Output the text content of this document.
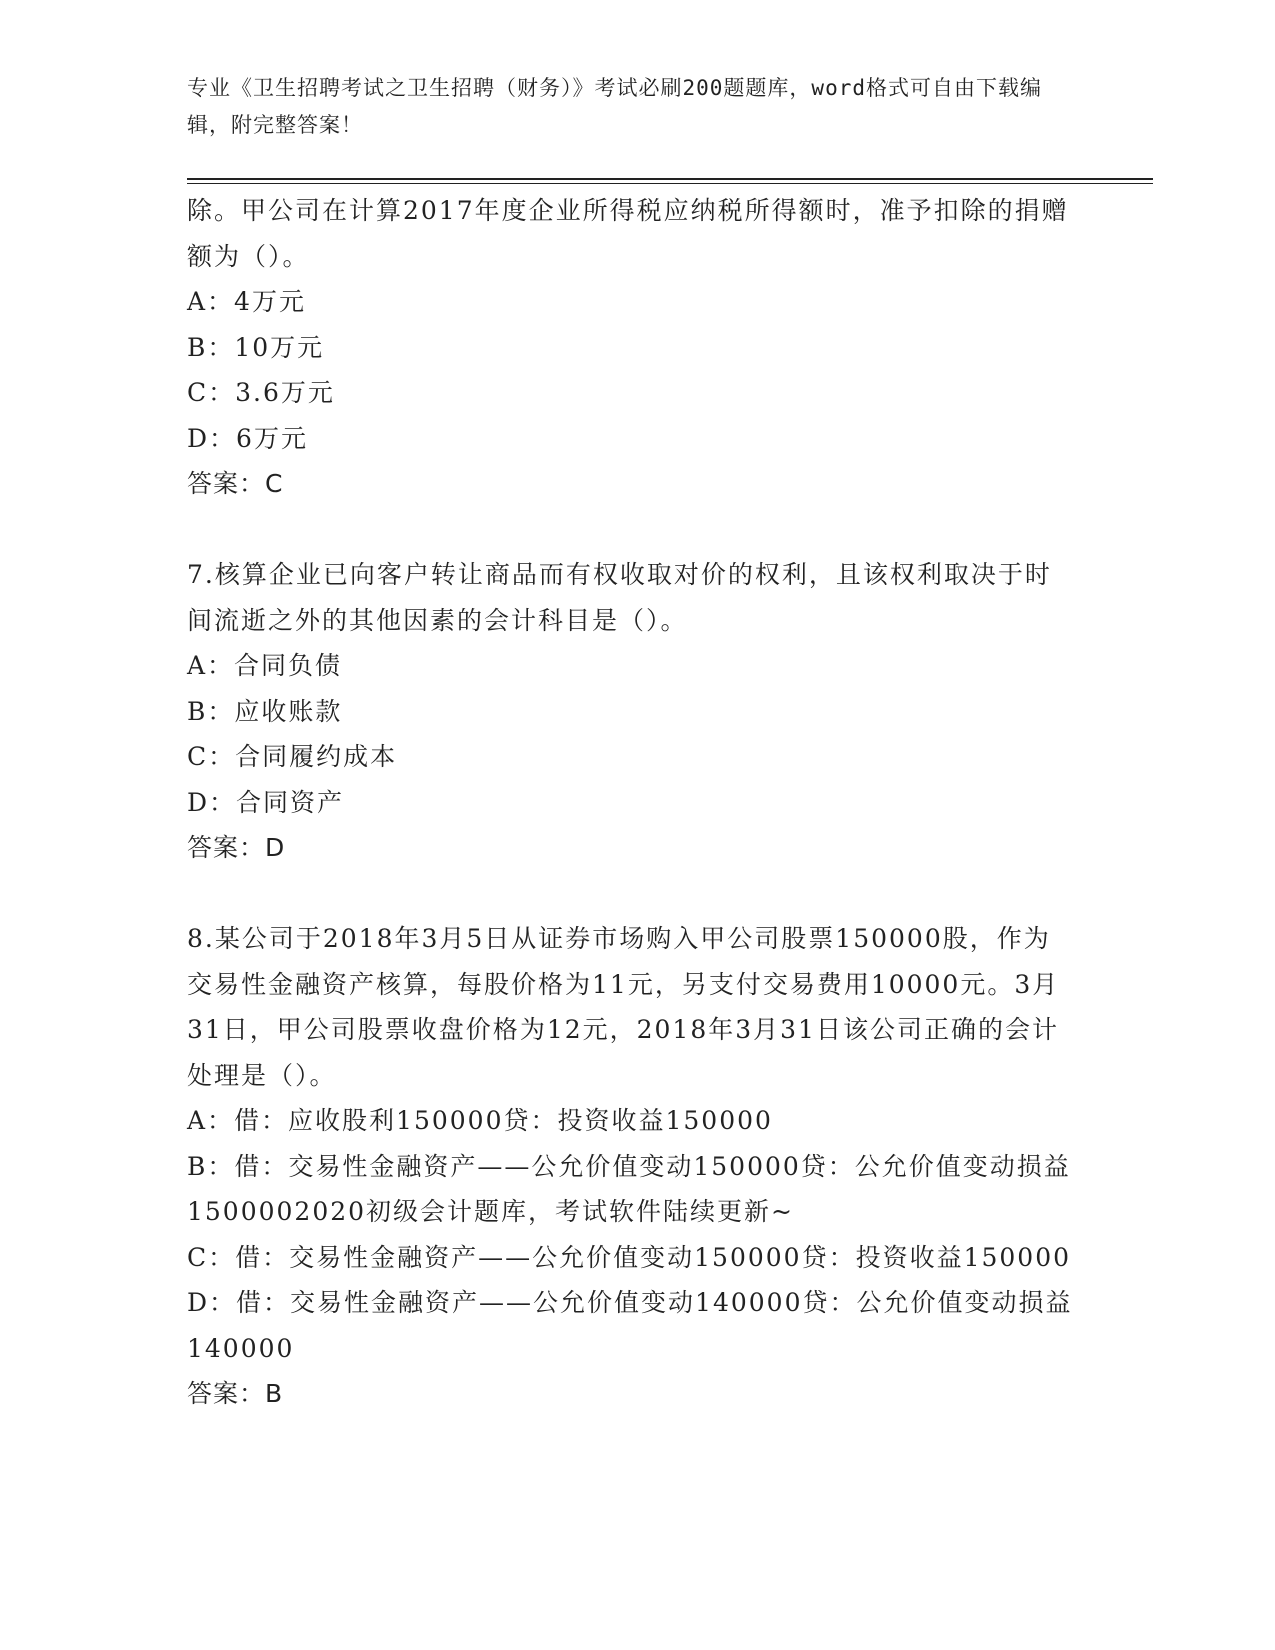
专业《卫生招聘考试之卫生招聘（财务）》考试必刷200题题库，word格式可自由下载编辑，附完整答案！

除。甲公司在计算2017年度企业所得税应纳税所得额时，准予扣除的捐赠额为（）。

A：4万元

B：10万元

C：3.6万元

D：6万元

答案：C

7.核算企业已向客户转让商品而有权收取对价的权利，且该权利取决于时间流逝之外的其他因素的会计科目是（）。

A：合同负债

B：应收账款

C：合同履约成本

D：合同资产

答案：D

8.某公司于2018年3月5日从证券市场购入甲公司股票150000股，作为交易性金融资产核算，每股价格为11元，另支付交易费用10000元。3月31日，甲公司股票收盘价格为12元，2018年3月31日该公司正确的会计处理是（）。

A：借：应收股利150000贷：投资收益150000

B：借：交易性金融资产——公允价值变动150000贷：公允价值变动损益1500002020初级会计题库，考试软件陆续更新~

C：借：交易性金融资产——公允价值变动150000贷：投资收益150000

D：借：交易性金融资产——公允价值变动140000贷：公允价值变动损益140000

答案：B
